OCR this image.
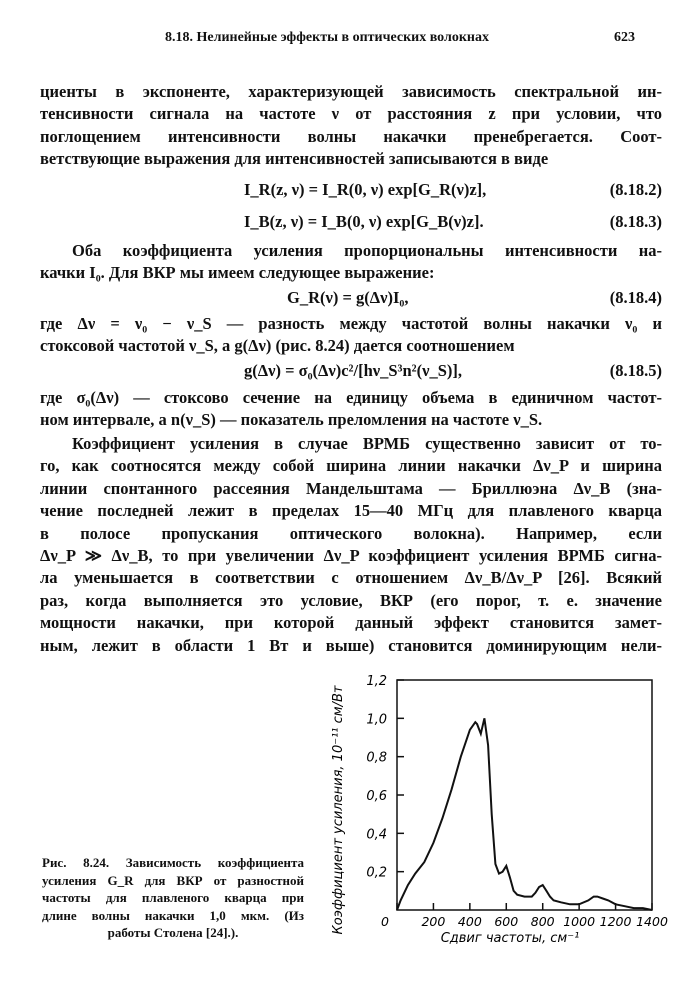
8.18. Нелинейные эффекты в оптических волокнах	623
циенты в экспоненте, характеризующей зависимость спектральной ин-
тенсивности сигнала на частоте ν от расстояния z при условии, что
поглощением интенсивности волны накачки пренебрегается. Соот-
ветствующие выражения для интенсивностей записываются в виде
I_R(z, ν) = I_R(0, ν) exp[G_R(ν)z],	(8.18.2)
I_B(z, ν) = I_B(0, ν) exp[G_B(ν)z].	(8.18.3)
Оба коэффициента усиления пропорциональны интенсивности на-
качки I₀. Для ВКР мы имеем следующее выражение:
G_R(ν) = g(Δν)I₀,	(8.18.4)
где Δν = ν₀ − ν_S — разность между частотой волны накачки ν₀ и
стоксовой частотой ν_S, а g(Δν) (рис. 8.24) дается соотношением
g(Δν) = σ₀(Δν)c²/[hν_S³n²(ν_S)],	(8.18.5)
где σ₀(Δν) — стоксово сечение на единицу объема в единичном частот-
ном интервале, а n(ν_S) — показатель преломления на частоте ν_S.
Коэффициент усиления в случае ВРМБ существенно зависит от то-
го, как соотносятся между собой ширина линии накачки Δν_P и ширина
линии спонтанного рассеяния Мандельштама — Бриллюэна Δν_B (зна-
чение последней лежит в пределах 15—40 МГц для плавленого кварца
в полосе пропускания оптического волокна). Например, если
Δν_P ≫ Δν_B, то при увеличении Δν_P коэффициент усиления ВРМБ сигна-
ла уменьшается в соответствии с отношением Δν_B/Δν_P [26]. Всякий
раз, когда выполняется это условие, ВКР (его порог, т. е. значение
мощности накачки, при которой данный эффект становится замет-
ным, лежит в области 1 Вт и выше) становится доминирующим нели-
0,2
0,4
0,6
0,8
1,0
1,2
0	200 400 600 800 1000 1200 1400
Сдвиг частоты, см⁻¹
Коэффициент усиления, 10⁻¹¹ см/Вт
Рис. 8.24. Зависимость коэффициента
усиления G_R для ВКР от разностной
частоты для плавленого кварца при
длине волны накачки 1,0 мкм. (Из
работы Столена [24].).
